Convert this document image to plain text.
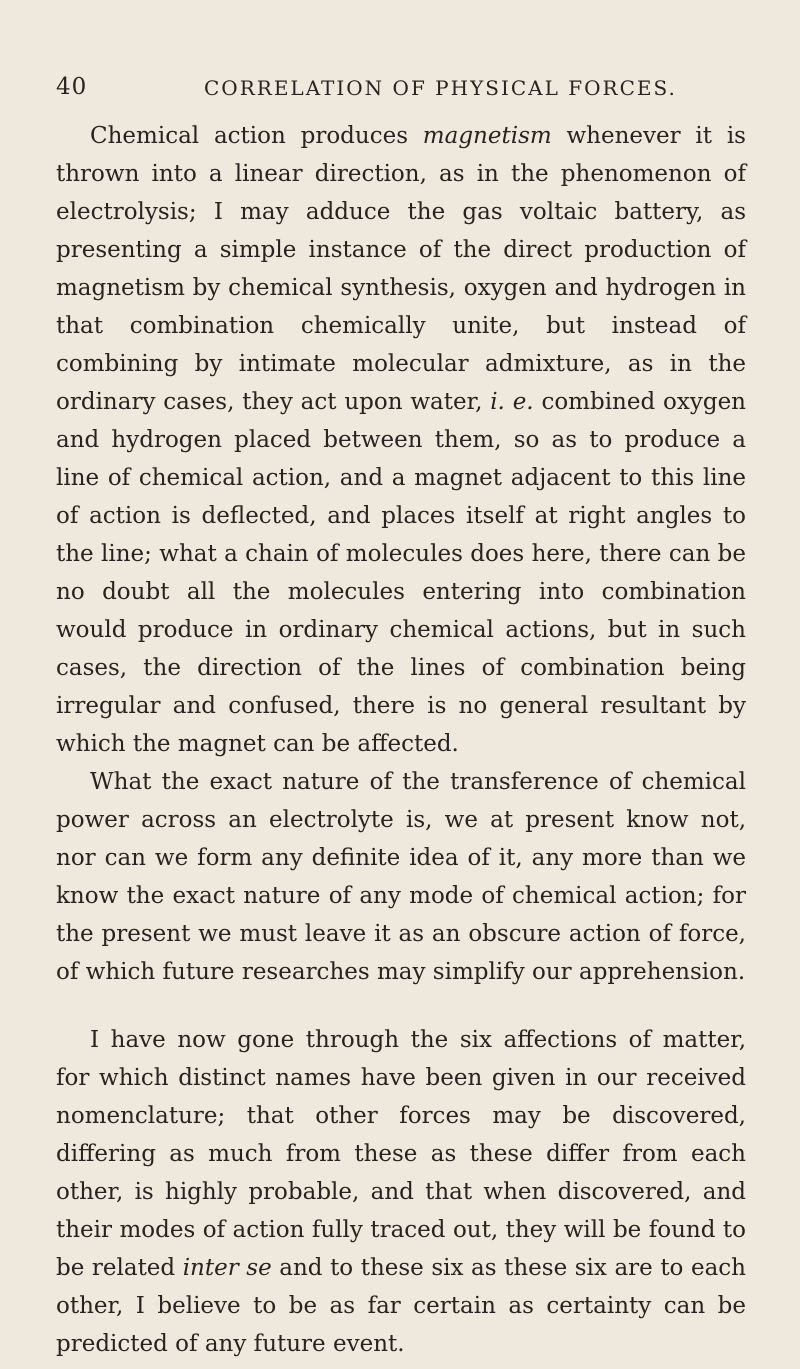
40	CORRELATION OF PHYSICAL FORCES.

Chemical action produces magnetism whenever it is thrown into a linear direction, as in the phenomenon of electrolysis; I may adduce the gas voltaic battery, as presenting a simple instance of the direct production of magnetism by chemical synthesis, oxygen and hydrogen in that combination chemically unite, but instead of combining by intimate molecular admixture, as in the ordinary cases, they act upon water, i. e. combined oxygen and hydrogen placed between them, so as to produce a line of chemical action, and a magnet adjacent to this line of action is deflected, and places itself at right angles to the line; what a chain of molecules does here, there can be no doubt all the molecules entering into combination would produce in ordinary chemical actions, but in such cases, the direction of the lines of combination being irregular and confused, there is no general resultant by which the magnet can be affected.

What the exact nature of the transference of chemical power across an electrolyte is, we at present know not, nor can we form any definite idea of it, any more than we know the exact nature of any mode of chemical action; for the present we must leave it as an obscure action of force, of which future researches may simplify our apprehension.

I have now gone through the six affections of matter, for which distinct names have been given in our received nomenclature; that other forces may be discovered, differing as much from these as these differ from each other, is highly probable, and that when discovered, and their modes of action fully traced out, they will be found to be related inter se and to these six as these six are to each other, I believe to be as far certain as certainty can be predicted of any future event.
